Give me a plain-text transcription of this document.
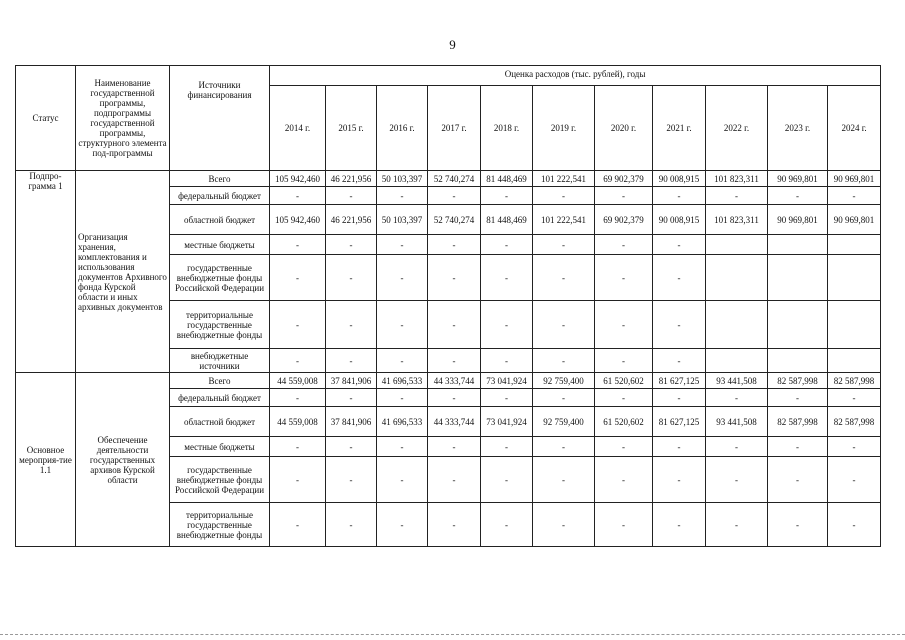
9
Статус	Наименование государственной программы, подпрограммы государственной программы, структурного элемента под-программы	Источники финансирования	Оценка расходов (тыс. рублей), годы										
			2014 г.	2015 г.	2016 г.	2017 г.	2018 г.	2019 г.	2020 г.	2021 г.	2022 г.	2023 г.	2024 г.
Подпро-грамма 1	Организация хранения, комплектования и использования документов Архивного фонда Курской области и иных архивных документов	Всего	105 942,460	46 221,956	50 103,397	52 740,274	81 448,469	101 222,541	69 902,379	90 008,915	101 823,311	90 969,801	90 969,801
		федеральный бюджет	-	-	-	-	-	-	-	-	-	-	-
		областной бюджет	105 942,460	46 221,956	50 103,397	52 740,274	81 448,469	101 222,541	69 902,379	90 008,915	101 823,311	90 969,801	90 969,801
		местные бюджеты	-	-	-	-	-	-	-	-			
		государственные внебюджетные фонды Российской Федерации	-	-	-	-	-	-	-	-			
		территориальные государственные внебюджетные фонды	-	-	-	-	-	-	-	-			
		внебюджетные источники	-	-	-	-	-	-	-	-			
Основное мероприя-тие 1.1	Обеспечение деятельности государственных архивов Курской области	Всего	44 559,008	37 841,906	41 696,533	44 333,744	73 041,924	92 759,400	61 520,602	81 627,125	93 441,508	82 587,998	82 587,998
		федеральный бюджет	-	-	-	-	-	-	-	-	-	-	-
		областной бюджет	44 559,008	37 841,906	41 696,533	44 333,744	73 041,924	92 759,400	61 520,602	81 627,125	93 441,508	82 587,998	82 587,998
		местные бюджеты	-	-	-	-	-	-	-	-	-	-	-
		государственные внебюджетные фонды Российской Федерации	-	-	-	-	-	-	-	-	-	-	-
		территориальные государственные внебюджетные фонды	-	-	-	-	-	-	-	-	-	-	-
